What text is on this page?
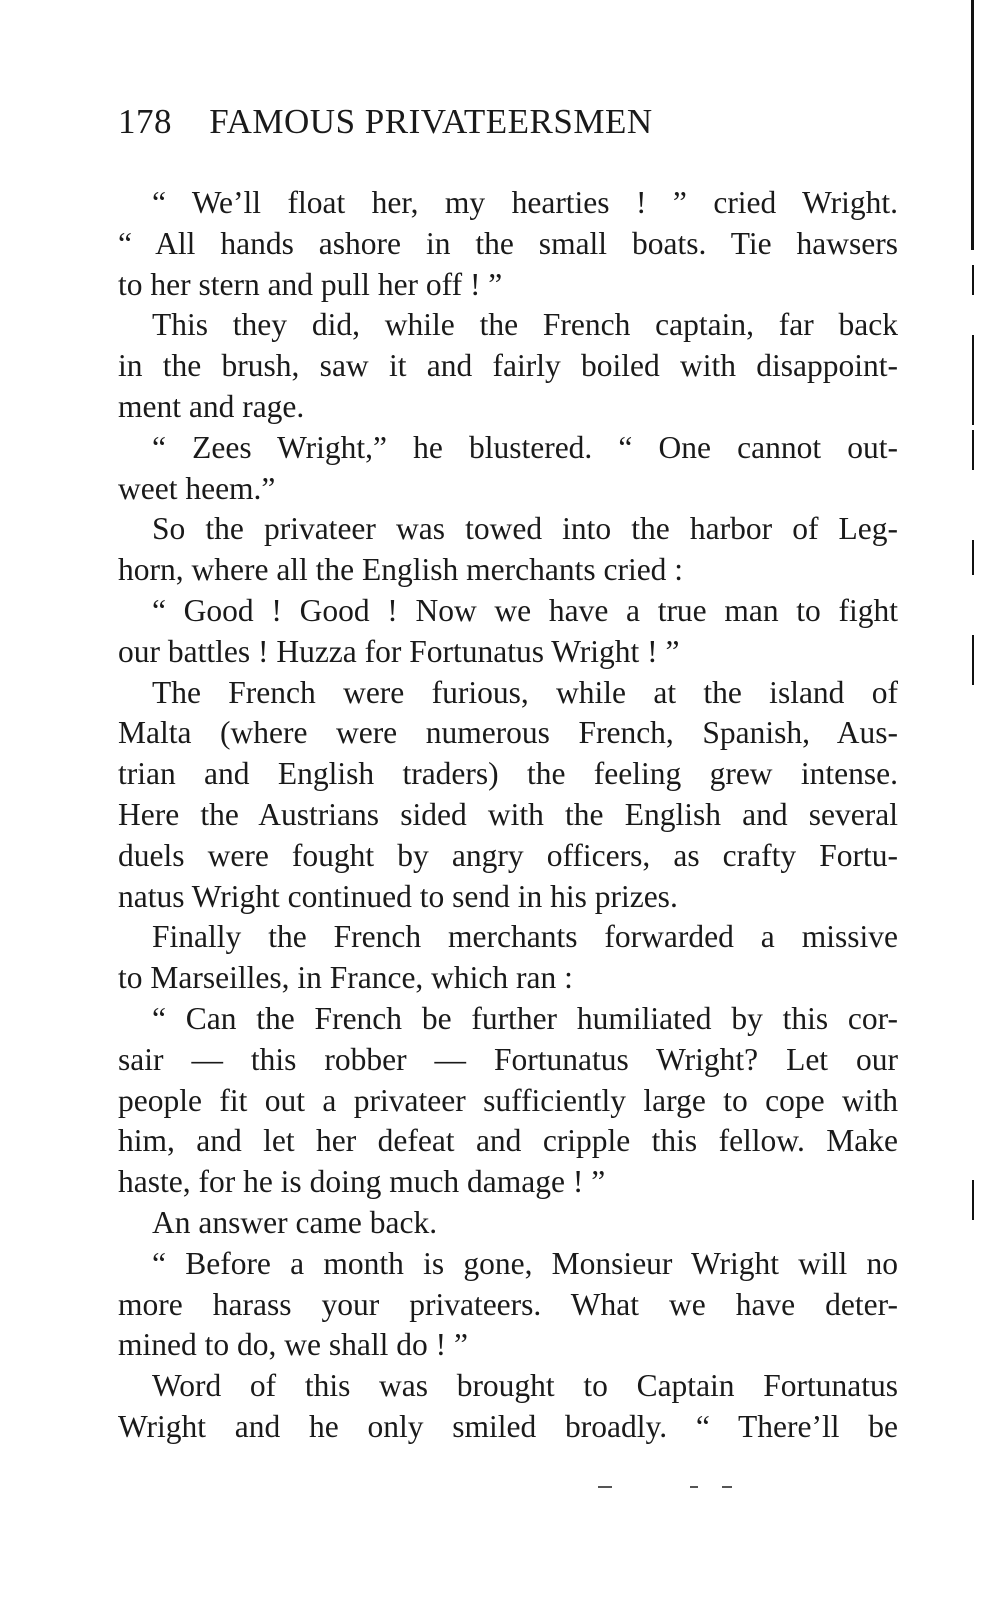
178 FAMOUS PRIVATEERSMEN
“ We’ll float her, my hearties ! ” cried Wright.
“ All hands ashore in the small boats. Tie hawsers
to her stern and pull her off ! ”
This they did, while the French captain, far back
in the brush, saw it and fairly boiled with disappoint-
ment and rage.
“ Zees Wright,” he blustered. “ One cannot out-
weet heem.”
So the privateer was towed into the harbor of Leg-
horn, where all the English merchants cried :
“ Good ! Good ! Now we have a true man to fight
our battles ! Huzza for Fortunatus Wright ! ”
The French were furious, while at the island of
Malta (where were numerous French, Spanish, Aus-
trian and English traders) the feeling grew intense.
Here the Austrians sided with the English and several
duels were fought by angry officers, as crafty Fortu-
natus Wright continued to send in his prizes.
Finally the French merchants forwarded a missive
to Marseilles, in France, which ran :
“ Can the French be further humiliated by this cor-
sair — this robber — Fortunatus Wright? Let our
people fit out a privateer sufficiently large to cope with
him, and let her defeat and cripple this fellow. Make
haste, for he is doing much damage ! ”
An answer came back.
“ Before a month is gone, Monsieur Wright will no
more harass your privateers. What we have deter-
mined to do, we shall do ! ”
Word of this was brought to Captain Fortunatus
Wright and he only smiled broadly. “ There’ll be
